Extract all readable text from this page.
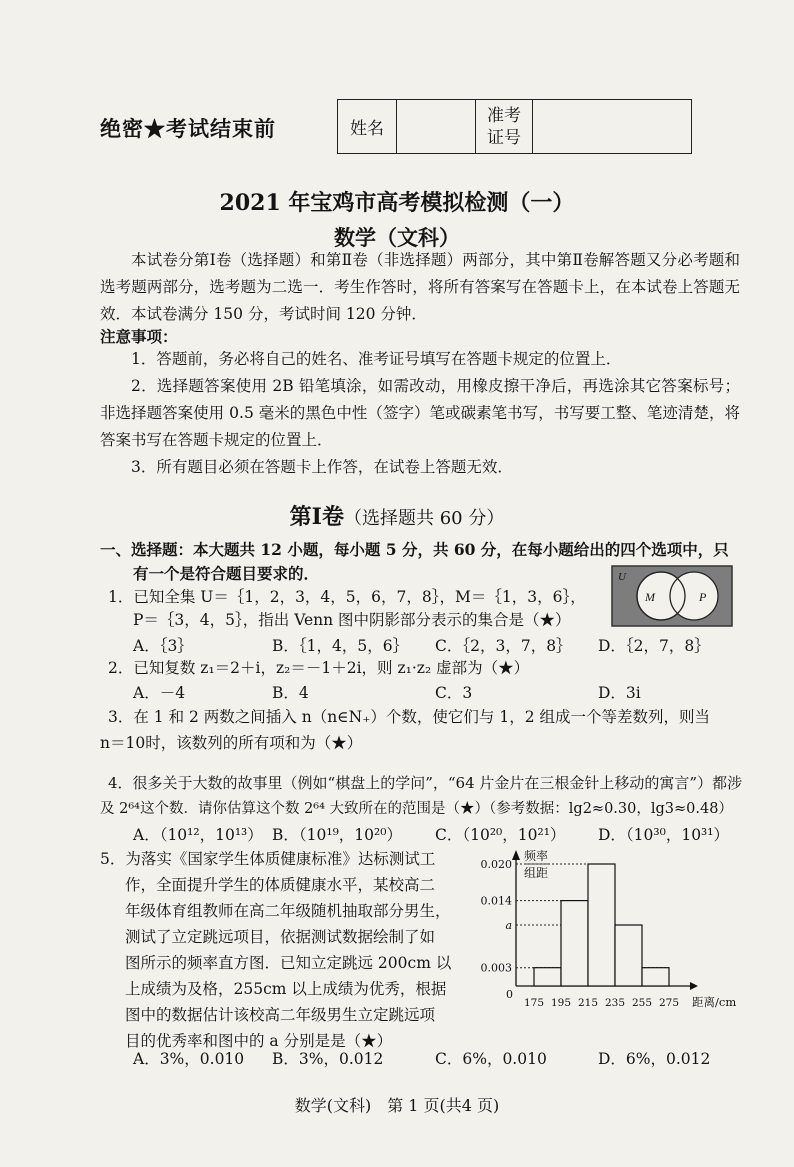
绝密★考试结束前	姓名		准考
证号	
2021 年宝鸡市高考模拟检测（一）
数学（文科）

本试卷分第Ⅰ卷（选择题）和第Ⅱ卷（非选择题）两部分，其中第Ⅱ卷解答题又分必考题和选考题两部分，选考题为二选一．考生作答时，将所有答案写在答题卡上，在本试卷上答题无效．本试卷满分 150 分，考试时间 120 分钟．

注意事项：

1．答题前，务必将自己的姓名、准考证号填写在答题卡规定的位置上．

2．选择题答案使用 2B 铅笔填涂，如需改动，用橡皮擦干净后，再选涂其它答案标号；非选择题答案使用 0.5 毫米的黑色中性（签字）笔或碳素笔书写，书写要工整、笔迹清楚，将答案书写在答题卡规定的位置上．

3．所有题目必须在答题卡上作答，在试卷上答题无效．

第Ⅰ卷（选择题共 60 分）
一、选择题：本大题共 12 小题，每小题 5 分，共 60 分，在每小题给出的四个选项中，只
有一个是符合题目要求的．	U
M	P
1．已知全集 U＝｛1，2，3，4，5，6，7，8｝，M＝｛1，3，6｝，
P＝｛3，4，5｝，指出 Venn 图中阴影部分表示的集合是（★）
A．｛3｝	B．｛1，4，5，6｝ C．｛2，3，7，8｝ D．｛2，7，8｝
2．已知复数 z₁＝2＋i，z₂＝－1＋2i，则 z₁·z₂ 虚部为（★）
A．－4	B．4	C．3	D．3i
3．在 1 和 2 两数之间插入 n（n∈N₊）个数，使它们与 1，2 组成一个等差数列，则当
n＝10时，该数列的所有项和为（★）
4．很多关于大数的故事里（例如“棋盘上的学问”，“64 片金片在三根金针上移动的寓言”）都涉
及 2⁶⁴这个数．请你估算这个数 2⁶⁴ 大致所在的范围是（★）（参考数据：lg2≈0.30，lg3≈0.48）
A．（10¹²，10¹³） B．（10¹⁹，10²⁰） C．（10²⁰，10²¹） D．（10³⁰，10³¹）
5．为落实《国家学生体质健康标准》达标测试工
作，全面提升学生的体质健康水平，某校高二
年级体育组教师在高二年级随机抽取部分男生，
测试了立定跳远项目，依据测试数据绘制了如
图所示的频率直方图．已知立定跳远 200cm 以
上成绩为及格，255cm 以上成绩为优秀，根据
图中的数据估计该校高二年级男生立定跳远项
目的优秀率和图中的 a 分别是是（★）
A．3%，0.010 B．3%，0.012	C．6%，0.010	D．6%，0.012
频率
组距
0
距离/cm
0.020
0.014
a
0.003
175 195 215 235 255 275
数学(文科)　第 1 页(共4 页)
